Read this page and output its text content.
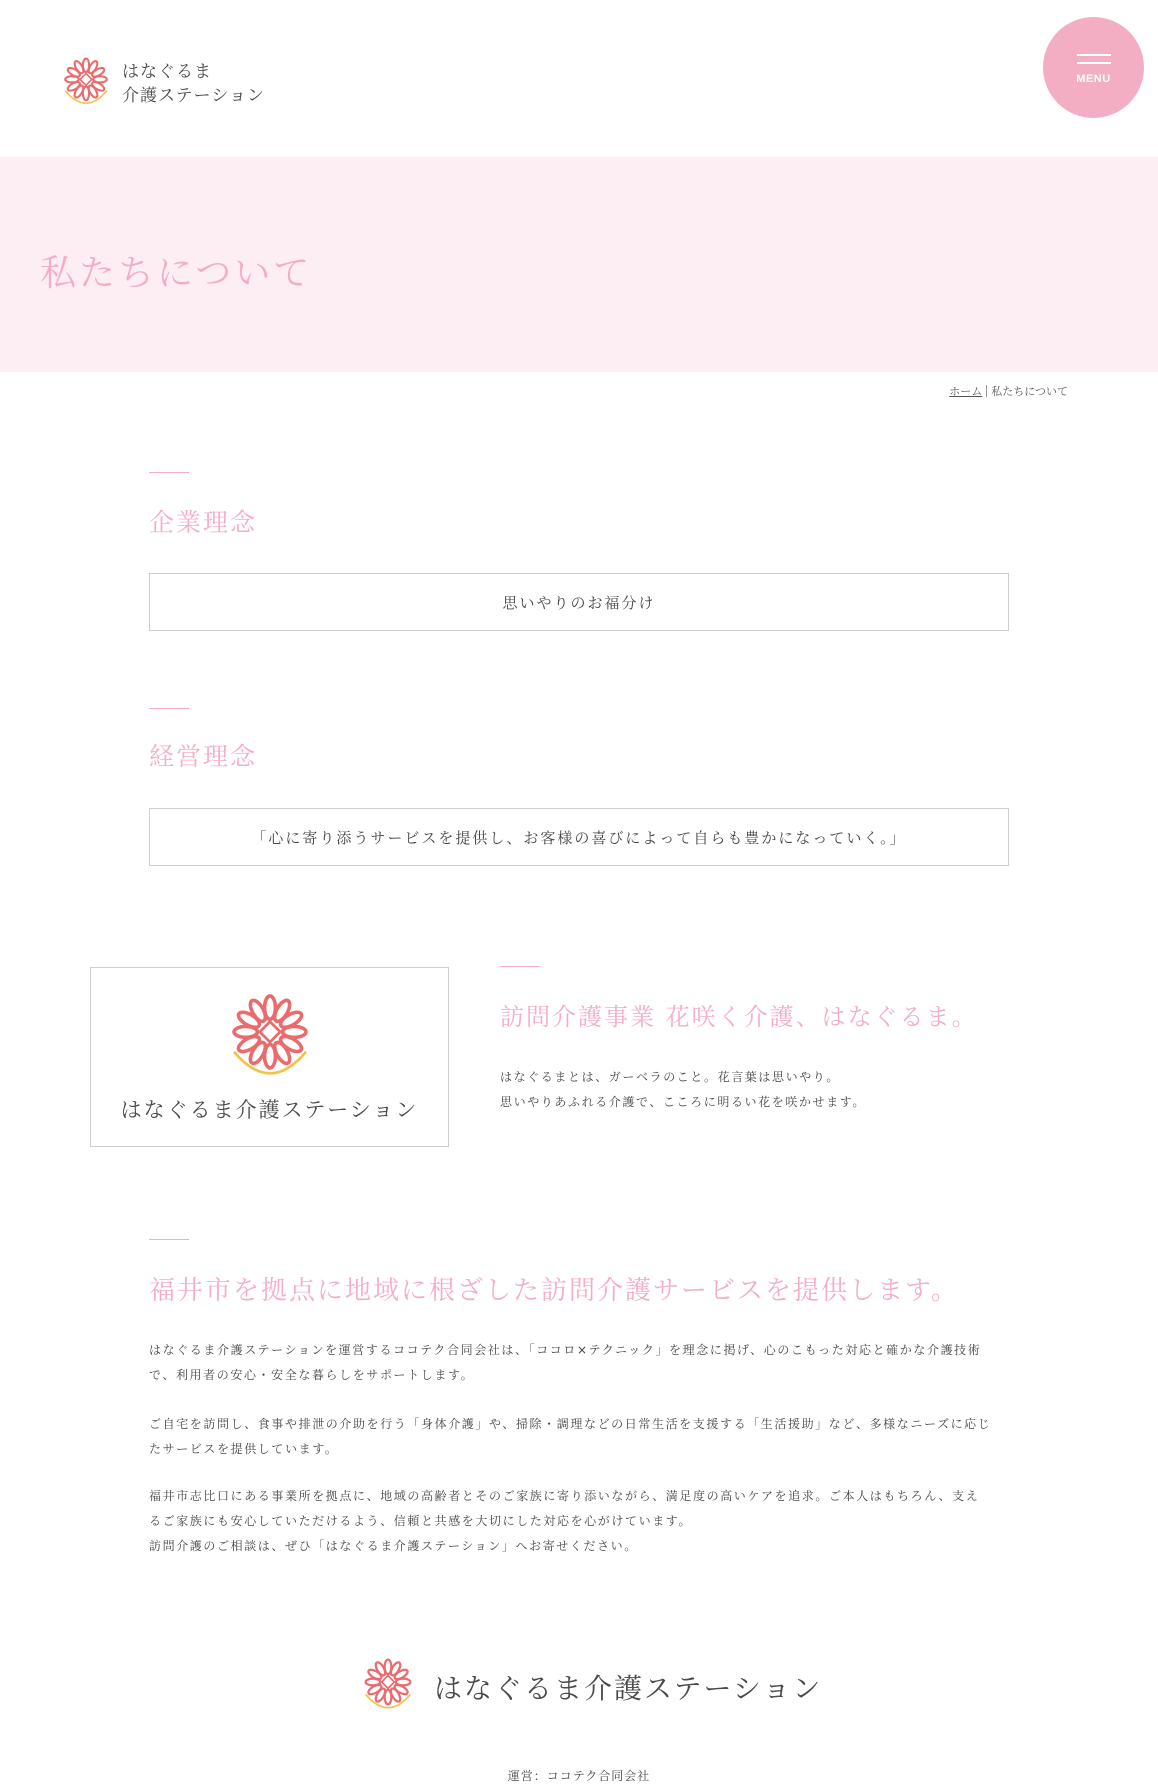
はなぐるま
介護ステーション
MENU
私たちについて
ホーム 私たちについて
企業理念
思いやりのお福分け
経営理念
「心に寄り添うサービスを提供し、お客様の喜びによって自らも豊かになっていく。」
はなぐるま介護ステーション
訪問介護事業 花咲く介護、はなぐるま。
はなぐるまとは、ガーベラのこと。花言葉は思いやり。
思いやりあふれる介護で、こころに明るい花を咲かせます。
福井市を拠点に地域に根ざした訪問介護サービスを提供します。
はなぐるま介護ステーションを運営するココテク合同会社は、「ココロ×テクニック」を理念に掲げ、心のこもった対応と確かな介護技術
で、利用者の安心・安全な暮らしをサポートします。
ご自宅を訪問し、食事や排泄の介助を行う「身体介護」や、掃除・調理などの日常生活を支援する「生活援助」など、多様なニーズに応じ
たサービスを提供しています。
福井市志比口にある事業所を拠点に、地域の高齢者とそのご家族に寄り添いながら、満足度の高いケアを追求。ご本人はもちろん、支え
るご家族にも安心していただけるよう、信頼と共感を大切にした対応を心がけています。
訪問介護のご相談は、ぜひ「はなぐるま介護ステーション」へお寄せください。
はなぐるま介護ステーション
運営：ココテク合同会社
